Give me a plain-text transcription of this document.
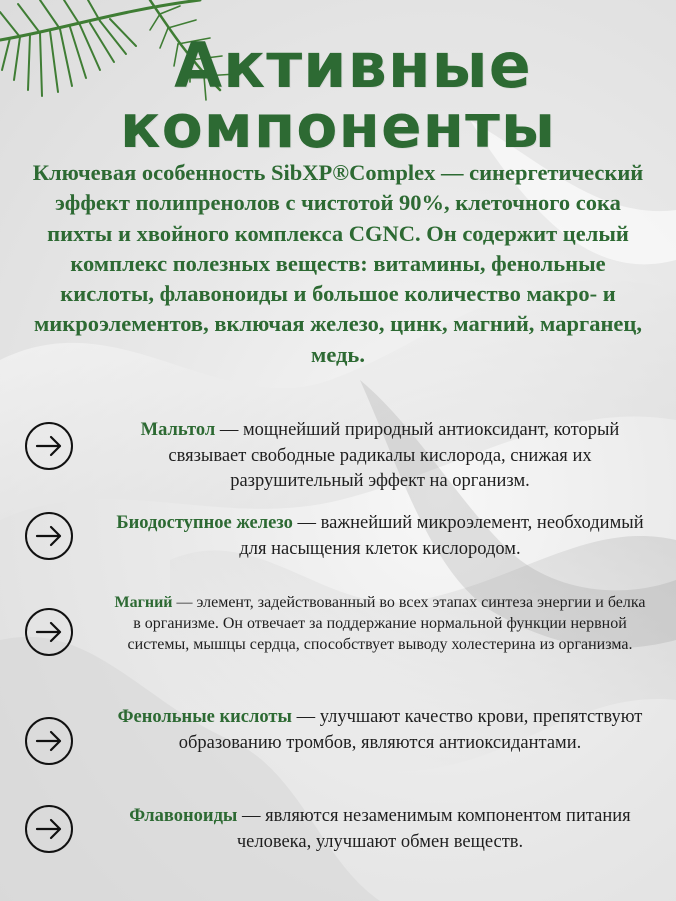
Активные
компоненты

Ключевая особенность SibXP®Complex — синергетический эффект полипренолов с чистотой 90%, клеточного сока пихты и хвойного комплекса CGNC. Он содержит целый комплекс полезных веществ: витамины, фенольные кислоты, флавоноиды и большое количество макро- и микроэлементов, включая железо, цинк, магний, марганец, медь.

Мальтол — мощнейший природный антиоксидант, который связывает свободные радикалы кислорода, снижая их разрушительный эффект на организм.

Биодоступное железо — важнейший микроэлемент, необходимый для насыщения клеток кислородом.

Магний — элемент, задействованный во всех этапах синтеза энергии и белка в организме. Он отвечает за поддержание нормальной функции нервной системы, мышцы сердца, способствует выводу холестерина из организма.

Фенольные кислоты — улучшают качество крови, препятствуют образованию тромбов, являются антиоксидантами.

Флавоноиды — являются незаменимым компонентом питания человека, улучшают обмен веществ.
